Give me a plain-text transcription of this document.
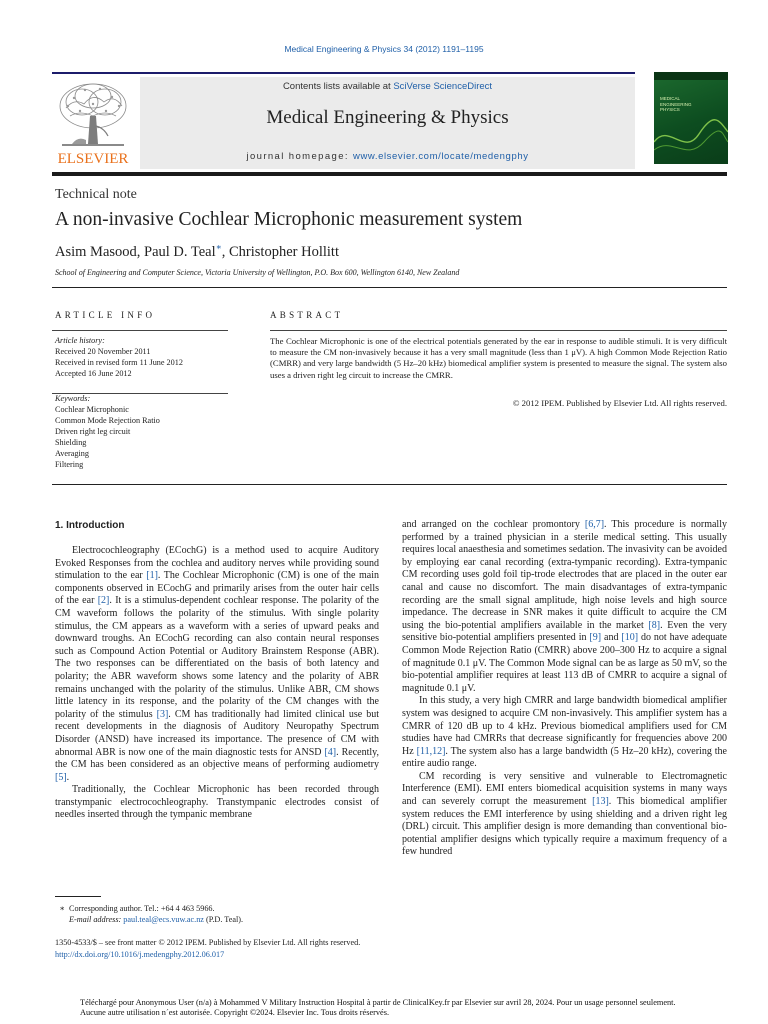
Medical Engineering & Physics 34 (2012) 1191–1195
ELSEVIER
Contents lists available at SciVerse ScienceDirect
Medical Engineering & Physics
journal homepage: www.elsevier.com/locate/medengphy
MEDICAL ENGINEERING PHYSICS
Technical note
A non-invasive Cochlear Microphonic measurement system
Asim Masood, Paul D. Teal∗, Christopher Hollitt
School of Engineering and Computer Science, Victoria University of Wellington, P.O. Box 600, Wellington 6140, New Zealand
ARTICLE INFO
Article history:
Received 20 November 2011
Received in revised form 11 June 2012
Accepted 16 June 2012
Keywords:
Cochlear Microphonic
Common Mode Rejection Ratio
Driven right leg circuit
Shielding
Averaging
Filtering
ABSTRACT
The Cochlear Microphonic is one of the electrical potentials generated by the ear in response to audible stimuli. It is very difficult to measure the CM non-invasively because it has a very small magnitude (less than 1 μV). A high Common Mode Rejection Ratio (CMRR) and very large bandwidth (5 Hz–20 kHz) biomedical amplifier system is presented to measure the signal. The system also uses a driven right leg circuit to increase the CMRR.
© 2012 IPEM. Published by Elsevier Ltd. All rights reserved.
1. Introduction

Electrocochleography (ECochG) is a method used to acquire Auditory Evoked Responses from the cochlea and auditory nerves while providing sound stimulation to the ear [1]. The Cochlear Microphonic (CM) is one of the main components observed in ECochG and primarily arises from the outer hair cells of the ear [2]. It is a stimulus-dependent cochlear response. The polarity of the CM waveform follows the polarity of the stimulus. With single polarity stimulus, the CM appears as a waveform with a series of upward peaks and downward troughs. An ECochG recording can also contain neural responses such as Compound Action Potential or Auditory Brainstem Response (ABR). The two responses can be differentiated on the basis of both latency and polarity; the ABR waveform shows some latency and the polarity of ABR remains unchanged with the polarity of the stimulus. Unlike ABR, CM shows little latency in its response, and the polarity of the CM changes with the polarity of the stimulus [3]. CM has traditionally had limited clinical use but recent developments in the diagnosis of Auditory Neuropathy Spectrum Disorder (ANSD) have increased its importance. The presence of CM with abnormal ABR is now one of the main diagnostic tests for ANSD [4]. Recently, the CM has been considered as an objective means of performing audiometry [5].

Traditionally, the Cochlear Microphonic has been recorded through transtympanic electrocochleography. Transtympanic electrodes consist of needles inserted through the tympanic membrane

and arranged on the cochlear promontory [6,7]. This procedure is normally performed by a trained physician in a sterile medical setting. This usually requires local anaesthesia and sometimes sedation. The invasivity can be avoided by employing ear canal recording (extra-tympanic recording). Extra-tympanic CM recording uses gold foil tip-trode electrodes that are placed in the outer ear canal and cause no discomfort. The main disadvantages of extra-tympanic recording are the small signal amplitude, high noise levels and high source impedance. The decrease in SNR makes it quite difficult to acquire the CM using the bio-potential amplifiers available in the market [8]. Even the very sensitive bio-potential amplifiers presented in [9] and [10] do not have adequate Common Mode Rejection Ratio (CMRR) above 200–300 Hz to acquire a signal of magnitude 0.1 μV. The Common Mode signal can be as large as 50 mV, so the bio-potential amplifier requires at least 113 dB of CMRR to acquire a signal of magnitude 0.1 μV.

In this study, a very high CMRR and large bandwidth biomedical amplifier system was designed to acquire CM non-invasively. This amplifier system has a CMRR of 120 dB up to 4 kHz. Previous biomedical amplifiers used for CM studies have had CMRRs that decrease significantly for frequencies above 200 Hz [11,12]. The system also has a large bandwidth (5 Hz–20 kHz), covering the entire audio range.

CM recording is very sensitive and vulnerable to Electromagnetic Interference (EMI). EMI enters biomedical acquisition systems in many ways and can severely corrupt the measurement [13]. This biomedical amplifier system reduces the EMI interference by using shielding and a driven right leg (DRL) circuit. This amplifier design is more demanding than conventional bio-potential amplifier designs which typically require a maximum frequency of a few hundred

∗ Corresponding author. Tel.: +64 4 463 5966.
E-mail address: paul.teal@ecs.vuw.ac.nz (P.D. Teal).
1350-4533/$ – see front matter © 2012 IPEM. Published by Elsevier Ltd. All rights reserved.
http://dx.doi.org/10.1016/j.medengphy.2012.06.017
Téléchargé pour Anonymous User (n/a) à Mohammed V Military Instruction Hospital à partir de ClinicalKey.fr par Elsevier sur avril 28, 2024. Pour un usage personnel seulement. Aucune autre utilisation n´est autorisée. Copyright ©2024. Elsevier Inc. Tous droits réservés.
